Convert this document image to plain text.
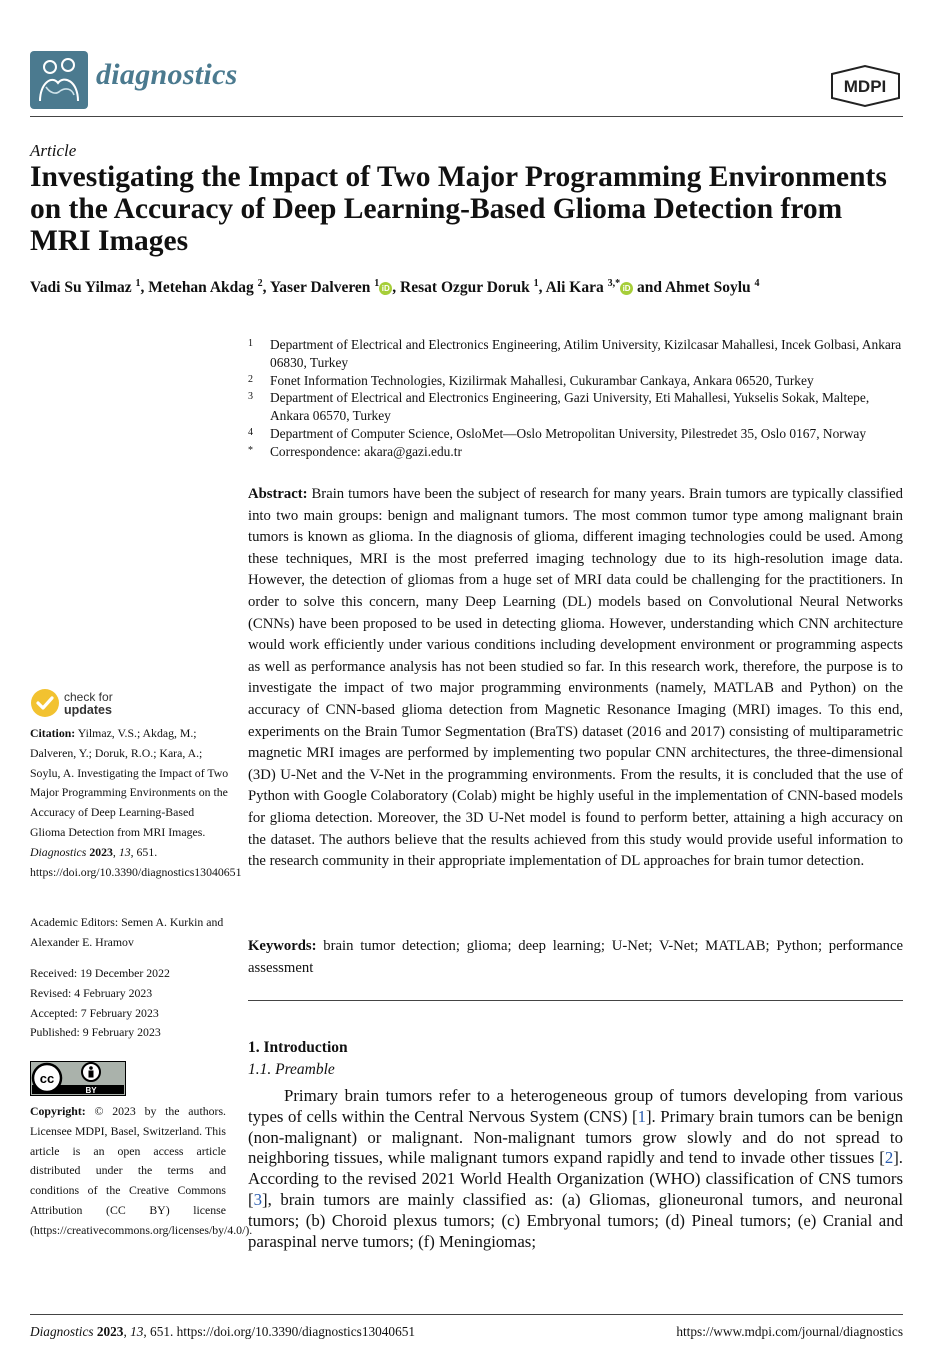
diagnostics	MDPI
Article
Investigating the Impact of Two Major Programming Environments on the Accuracy of Deep Learning-Based Glioma Detection from MRI Images
Vadi Su Yilmaz $^1$, Metehan Akdag $^2$, Yaser Dalveren $^1$ iD , Resat Ozgur Doruk $^1$, Ali Kara $^{3,*}$ iD and Ahmet Soylu $^4$
1	Department of Electrical and Electronics Engineering, Atilim University, Kizilcasar Mahallesi, Incek Golbasi, Ankara 06830, Turkey
2	Fonet Information Technologies, Kizilirmak Mahallesi, Cukurambar Cankaya, Ankara 06520, Turkey
3	Department of Electrical and Electronics Engineering, Gazi University, Eti Mahallesi, Yukselis Sokak, Maltepe, Ankara 06570, Turkey
4	Department of Computer Science, OsloMet—Oslo Metropolitan University, Pilestredet 35, Oslo 0167, Norway
*	Correspondence: akara@gazi.edu.tr
Abstract: Brain tumors have been the subject of research for many years. Brain tumors are typically classified into two main groups: benign and malignant tumors. The most common tumor type among malignant brain tumors is known as glioma. In the diagnosis of glioma, different imaging technologies could be used. Among these techniques, MRI is the most preferred imaging technology due to its high-resolution image data. However, the detection of gliomas from a huge set of MRI data could be challenging for the practitioners. In order to solve this concern, many Deep Learning (DL) models based on Convolutional Neural Networks (CNNs) have been proposed to be used in detecting glioma. However, understanding which CNN architecture would work efficiently under various conditions including development environment or programming aspects as well as performance analysis has not been studied so far. In this research work, therefore, the purpose is to investigate the impact of two major programming environments (namely, MATLAB and Python) on the accuracy of CNN-based glioma detection from Magnetic Resonance Imaging (MRI) images. To this end, experiments on the Brain Tumor Segmentation (BraTS) dataset (2016 and 2017) consisting of multiparametric magnetic MRI images are performed by implementing two popular CNN architectures, the three-dimensional (3D) U-Net and the V-Net in the programming environments. From the results, it is concluded that the use of Python with Google Colaboratory (Colab) might be highly useful in the implementation of CNN-based models for glioma detection. Moreover, the 3D U-Net model is found to perform better, attaining a high accuracy on the dataset. The authors believe that the results achieved from this study would provide useful information to the research community in their appropriate implementation of DL approaches for brain tumor detection.
Keywords: brain tumor detection; glioma; deep learning; U-Net; V-Net; MATLAB; Python; performance assessment
1. Introduction
1.1. Preamble
Primary brain tumors refer to a heterogeneous group of tumors developing from various types of cells within the Central Nervous System (CNS) [1]. Primary brain tumors can be benign (non-malignant) or malignant. Non-malignant tumors grow slowly and do not spread to neighboring tissues, while malignant tumors expand rapidly and tend to invade other tissues [2]. According to the revised 2021 World Health Organization (WHO) classification of CNS tumors [3], brain tumors are mainly classified as: (a) Gliomas, glioneuronal tumors, and neuronal tumors; (b) Choroid plexus tumors; (c) Embryonal tumors; (d) Pineal tumors; (e) Cranial and paraspinal nerve tumors; (f) Meningiomas;
check for
updates
Citation: Yilmaz, V.S.; Akdag, M.; Dalveren, Y.; Doruk, R.O.; Kara, A.; Soylu, A. Investigating the Impact of Two Major Programming Environments on the Accuracy of Deep Learning-Based Glioma Detection from MRI Images. Diagnostics 2023, 13, 651. https://doi.org/10.3390/diagnostics13040651
Academic Editors: Semen A. Kurkin and Alexander E. Hramov
Received: 19 December 2022
Revised: 4 February 2023
Accepted: 7 February 2023
Published: 9 February 2023
cc
BY
Copyright: © 2023 by the authors. Licensee MDPI, Basel, Switzerland. This article is an open access article distributed under the terms and conditions of the Creative Commons Attribution (CC BY) license (https://creativecommons.org/licenses/by/4.0/).
Diagnostics 2023, 13, 651. https://doi.org/10.3390/diagnostics13040651	https://www.mdpi.com/journal/diagnostics
